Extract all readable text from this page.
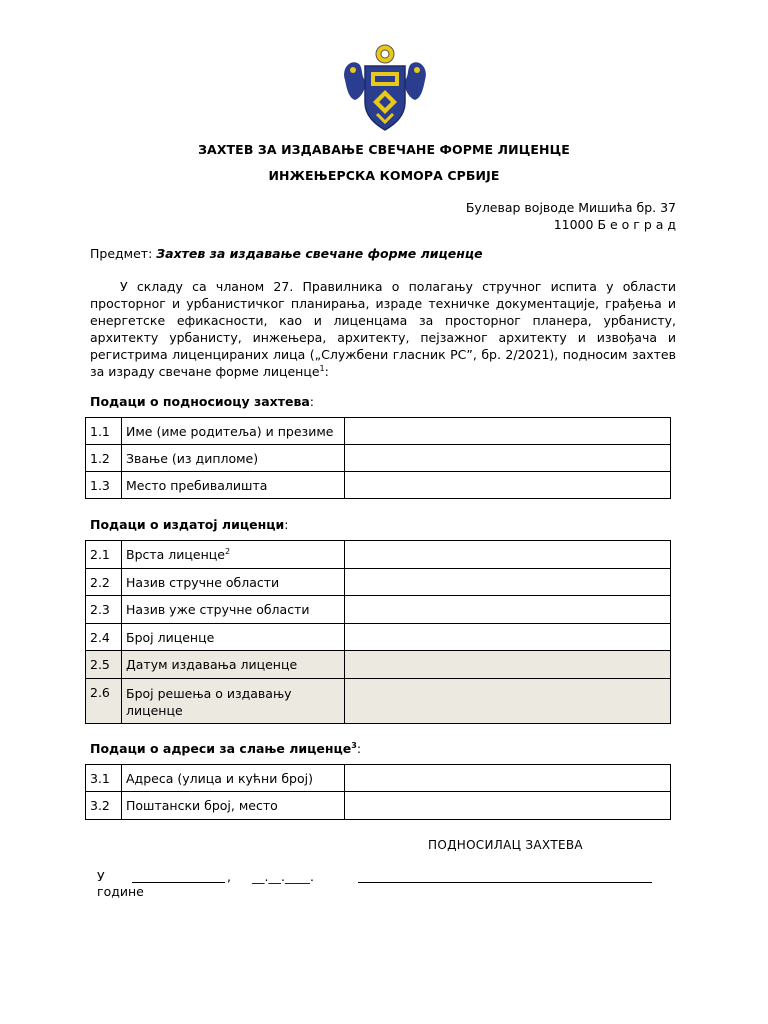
ЗАХТЕВ ЗА ИЗДАВАЊЕ СВЕЧАНЕ ФОРМЕ ЛИЦЕНЦЕ
ИНЖЕЊЕРСКА КОМОРА СРБИЈЕ
Булевар војводе Мишића бр. 37
11000 Б е о г р а д
Предмет: Захтев за издавање свечане форме лиценце
У складу са чланом 27. Правилника о полагању стручног испита у области просторног и урбанистичког планирања, израде техничке документације, грађења и енергетске ефикасности, као и лиценцама за просторног планера, урбанисту, архитекту урбанисту, инжењера, архитекту, пејзажног архитекту и извођача и регистрима лиценцираних лица („Службени гласник РС”, бр. 2/2021), подносим захтев за израду свечане форме лиценце$^1$:
Подаци о подносиоцу захтева:
1.1	Име (име родитеља) и презиме	
1.2	Звање (из дипломе)	
1.3	Место пребивалишта	
Подаци о издатој лиценци:
2.1	Врста лиценце$^2$	
2.2	Назив стручне области	
2.3	Назив уже стручне области	
2.4	Број лиценце	
2.5	Датум издавања лиценце	
2.6	Број решења о издавању лиценце	
Подаци о адреси за слање лиценце$^3$:
3.1	Адреса (улица и кућни број)	
3.2	Поштански број, место	
ПОДНОСИЛАЦ ЗАХТЕВА
У	, __.__.____.
године
